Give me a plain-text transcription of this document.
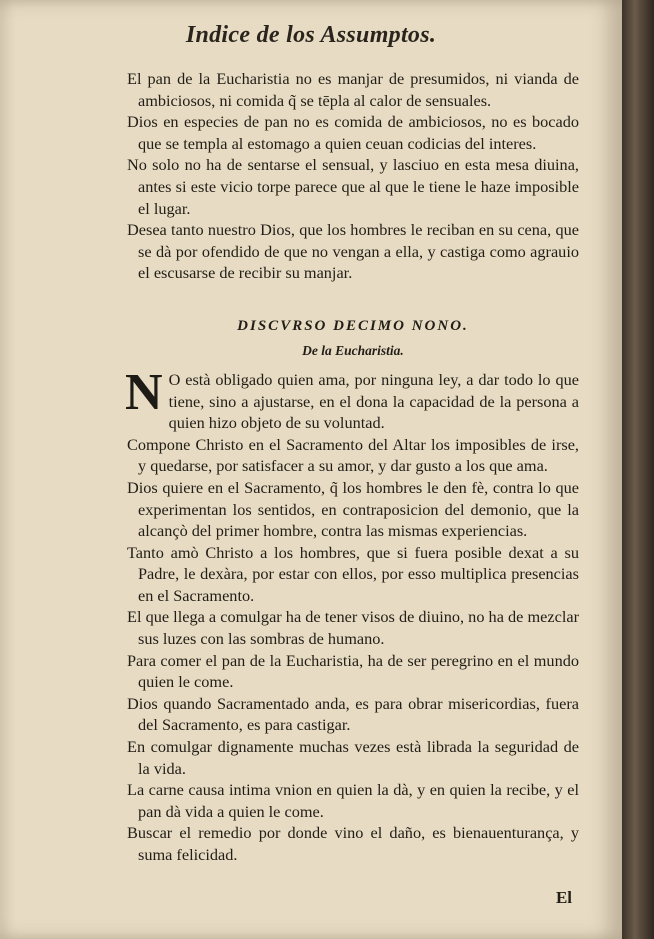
Indice de los Assumptos.

El pan de la Eucharistia no es manjar de presumidos, ni vianda de ambiciosos, ni comida q̃ se tēpla al calor de sensuales.

Dios en especies de pan no es comida de ambiciosos, no es bocado que se templa al estomago a quien ceuan codicias del interes.

No solo no ha de sentarse el sensual, y lasciuo en esta mesa diuina, antes si este vicio torpe parece que al que le tiene le haze imposible el lugar.

Desea tanto nuestro Dios, que los hombres le reciban en su cena, que se dà por ofendido de que no vengan a ella, y castiga como agrauio el escusarse de recibir su manjar.

DISCVRSO DECIMO NONO.
De la Eucharistia.

N O està obligado quien ama, por ninguna ley, a dar todo lo que tiene, sino a ajustarse, en el dona la capacidad de la persona a quien hizo objeto de su voluntad.

Compone Christo en el Sacramento del Altar los imposibles de irse, y quedarse, por satisfacer a su amor, y dar gusto a los que ama.

Dios quiere en el Sacramento, q̃ los hombres le den fè, contra lo que experimentan los sentidos, en contraposicion del demonio, que la alcançò del primer hombre, contra las mismas experiencias.

Tanto amò Christo a los hombres, que si fuera posible dexat a su Padre, le dexàra, por estar con ellos, por esso multiplica presencias en el Sacramento.

El que llega a comulgar ha de tener visos de diuino, no ha de mezclar sus luzes con las sombras de humano.

Para comer el pan de la Eucharistia, ha de ser peregrino en el mundo quien le come.

Dios quando Sacramentado anda, es para obrar misericordias, fuera del Sacramento, es para castigar.

En comulgar dignamente muchas vezes està librada la seguridad de la vida.

La carne causa intima vnion en quien la dà, y en quien la recibe, y el pan dà vida a quien le come.

Buscar el remedio por donde vino el daño, es bienauenturança, y suma felicidad.

El
